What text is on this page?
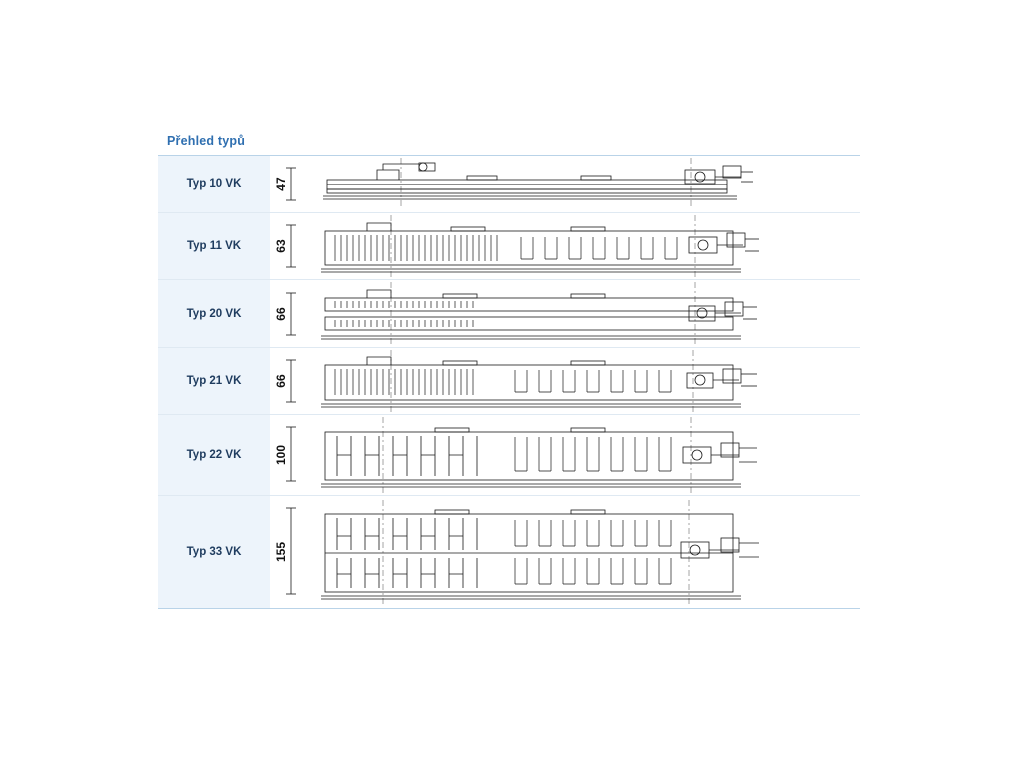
Přehled typů
Typ 10 VK	47
Typ 11 VK	63
Typ 20 VK	66
Typ 21 VK	66
Typ 22 VK	100
Typ 33 VK	155
